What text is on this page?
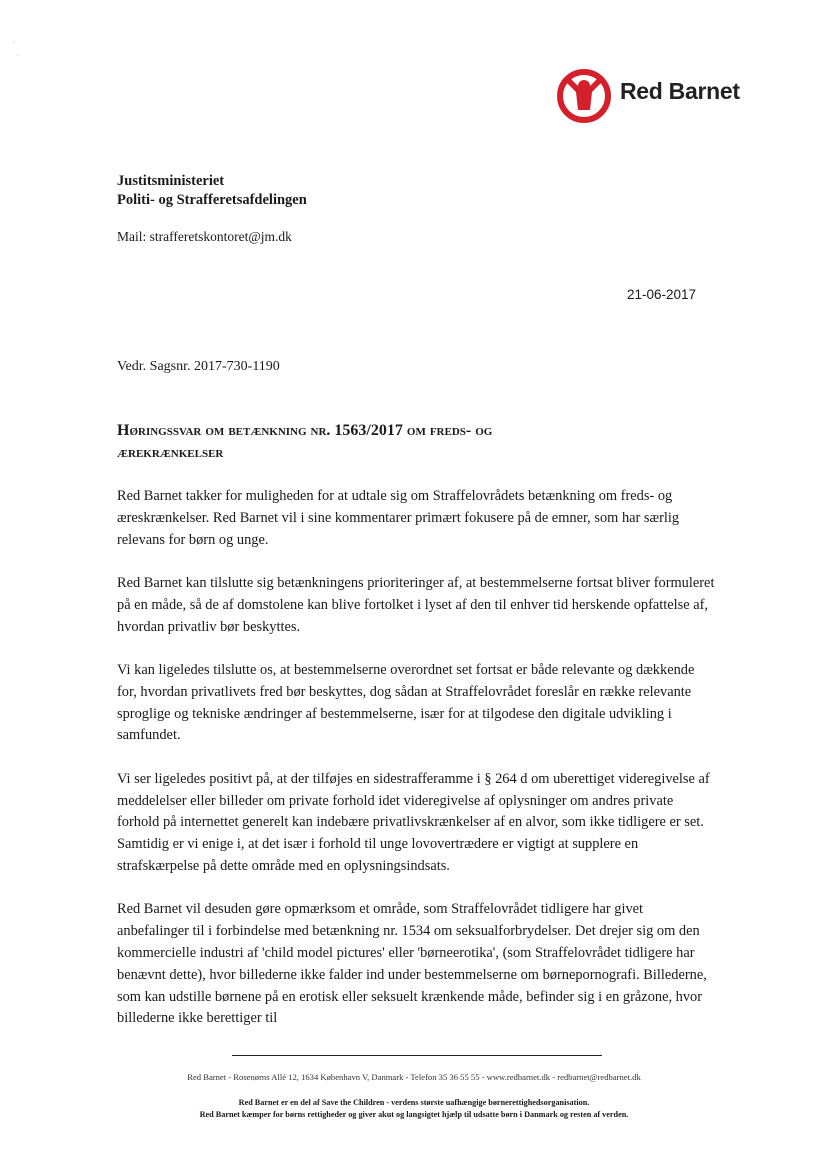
·
ˊ
Red Barnet
Justitsministeriet
Politi- og Strafferetsafdelingen
Mail: strafferetskontoret@jm.dk
21-06-2017
Vedr. Sagsnr. 2017-730-1190
Høringssvar om betænkning nr. 1563/2017 om freds- og
ærekrænkelser

Red Barnet takker for muligheden for at udtale sig om Straffelovrådets betænkning om freds- og æreskrænkelser. Red Barnet vil i sine kommentarer primært fokusere på de emner, som har særlig relevans for børn og unge.

Red Barnet kan tilslutte sig betænkningens prioriteringer af, at bestemmelserne fortsat bliver formuleret på en måde, så de af domstolene kan blive fortolket i lyset af den til enhver tid herskende opfattelse af, hvordan privatliv bør beskyttes.

Vi kan ligeledes tilslutte os, at bestemmelserne overordnet set fortsat er både relevante og dækkende for, hvordan privatlivets fred bør beskyttes, dog sådan at Straffelovrådet foreslår en række relevante sproglige og tekniske ændringer af bestemmelserne, især for at tilgodese den digitale udvikling i samfundet.

Vi ser ligeledes positivt på, at der tilføjes en sidestrafferamme i § 264 d om uberettiget videregivelse af meddelelser eller billeder om private forhold idet videregivelse af oplysninger om andres private forhold på internettet generelt kan indebære privatlivskrænkelser af en alvor, som ikke tidligere er set. Samtidig er vi enige i, at det især i forhold til unge lovovertrædere er vigtigt at supplere en strafskærpelse på dette område med en oplysningsindsats.

Red Barnet vil desuden gøre opmærksom et område, som Straffelovrådet tidligere har givet anbefalinger til i forbindelse med betænkning nr. 1534 om seksualforbrydelser. Det drejer sig om den kommercielle industri af 'child model pictures' eller 'børneerotika', (som Straffelovrådet tidligere har benævnt dette), hvor billederne ikke falder ind under bestemmelserne om børnepornografi. Billederne, som kan udstille børnene på en erotisk eller seksuelt krænkende måde, befinder sig i en gråzone, hvor billederne ikke berettiger til

Red Barnet - Rosenørns Allé 12, 1634 København V, Danmark - Telefon 35 36 55 55 - www.redbarnet.dk - redbarnet@redbarnet.dk
Red Barnet er en del af Save the Children - verdens største uafhængige børnerettighedsorganisation.
Red Barnet kæmper for børns rettigheder og giver akut og langsigtet hjælp til udsatte børn i Danmark og resten af verden.
